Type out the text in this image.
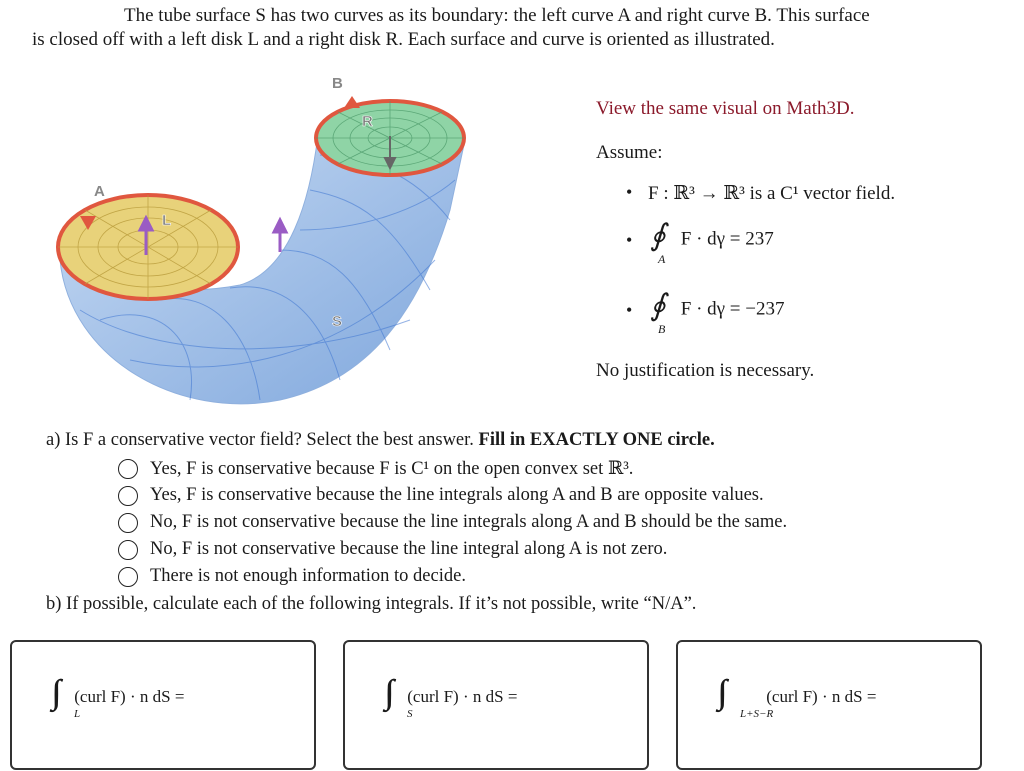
The tube surface S has two curves as its boundary: the left curve A and right curve B. This surface

is closed off with a left disk L and a right disk R. Each surface and curve is oriented as illustrated.

A
B
L
R
S
View the same visual on Math3D.
Assume:
• F : ℝ³ → ℝ³ is a C¹ vector field.
• ∮
A
F · dγ = 237
• ∮
B
F · dγ = −237
No justification is necessary.
a) Is F a conservative vector field? Select the best answer. Fill in EXACTLY ONE circle.
Yes, F is conservative because F is C¹ on the open convex set ℝ³.
Yes, F is conservative because the line integrals along A and B are opposite values.
No, F is not conservative because the line integrals along A and B should be the same.
No, F is not conservative because the line integral along A is not zero.
There is not enough information to decide.
b) If possible, calculate each of the following integrals. If it’s not possible, write “N/A”.
L
(curl F) · n dS =
S
(curl F) · n dS =
L+S−R
(curl F) · n dS =
